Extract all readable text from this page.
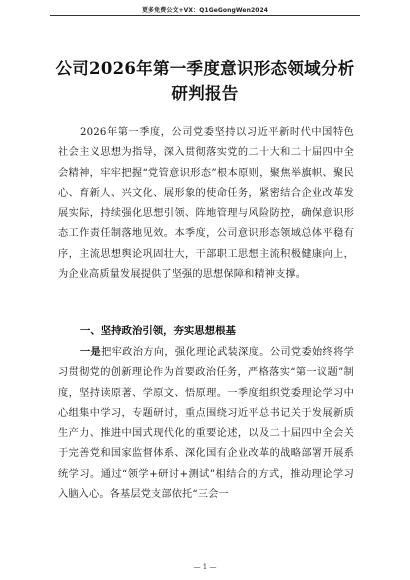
更多免费公文+VX：Q1GeGongWen2024
公司2026年第一季度意识形态领域分析研判报告
2026年第一季度，公司党委坚持以习近平新时代中国特色社会主义思想为指导，深入贯彻落实党的二十大和二十届四中全会精神，牢牢把握“党管意识形态”根本原则，聚焦举旗帜、聚民心、育新人、兴文化、展形象的使命任务，紧密结合企业改革发展实际，持续强化思想引领、阵地管理与风险防控，确保意识形态工作责任制落地见效。本季度，公司意识形态领域总体平稳有序，主流思想舆论巩固壮大，干部职工思想主流积极健康向上，为企业高质量发展提供了坚强的思想保障和精神支撑。
一、坚持政治引领，夯实思想根基
一是把牢政治方向，强化理论武装深度。公司党委始终将学习贯彻党的创新理论作为首要政治任务，严格落实“第一议题”制度，坚持读原著、学原文、悟原理。一季度组织党委理论学习中心组集中学习，专题研讨，重点围绕习近平总书记关于发展新质生产力、推进中国式现代化的重要论述，以及二十届四中全会关于完善党和国家监督体系、深化国有企业改革的战略部署开展系统学习。通过“领学+研讨+测试”相结合的方式，推动理论学习入脑入心。各基层党支部依托“三会一
— 1 —
